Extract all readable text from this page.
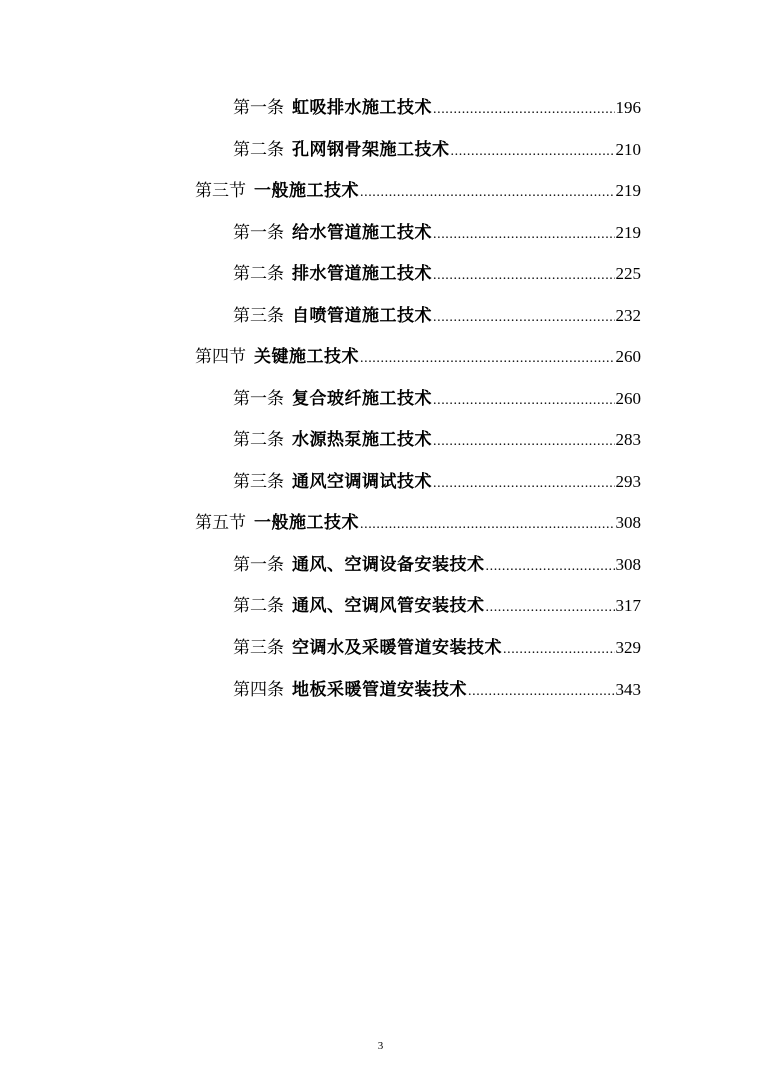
第一条 虹吸排水施工技术 .....	196
第二条 孔网钢骨架施工技术 .....	210
第三节 一般施工技术 .....	219
第一条 给水管道施工技术 .....	219
第二条 排水管道施工技术 .....	225
第三条 自喷管道施工技术 .....	232
第四节 关键施工技术 .....	260
第一条 复合玻纤施工技术 .....	260
第二条 水源热泵施工技术 .....	283
第三条 通风空调调试技术 .....	293
第五节 一般施工技术 .....	308
第一条 通风、空调设备安装技术 .....	308
第二条 通风、空调风管安装技术 .....	317
第三条 空调水及采暖管道安装技术 .....	329
第四条 地板采暖管道安装技术 .....	343
3
